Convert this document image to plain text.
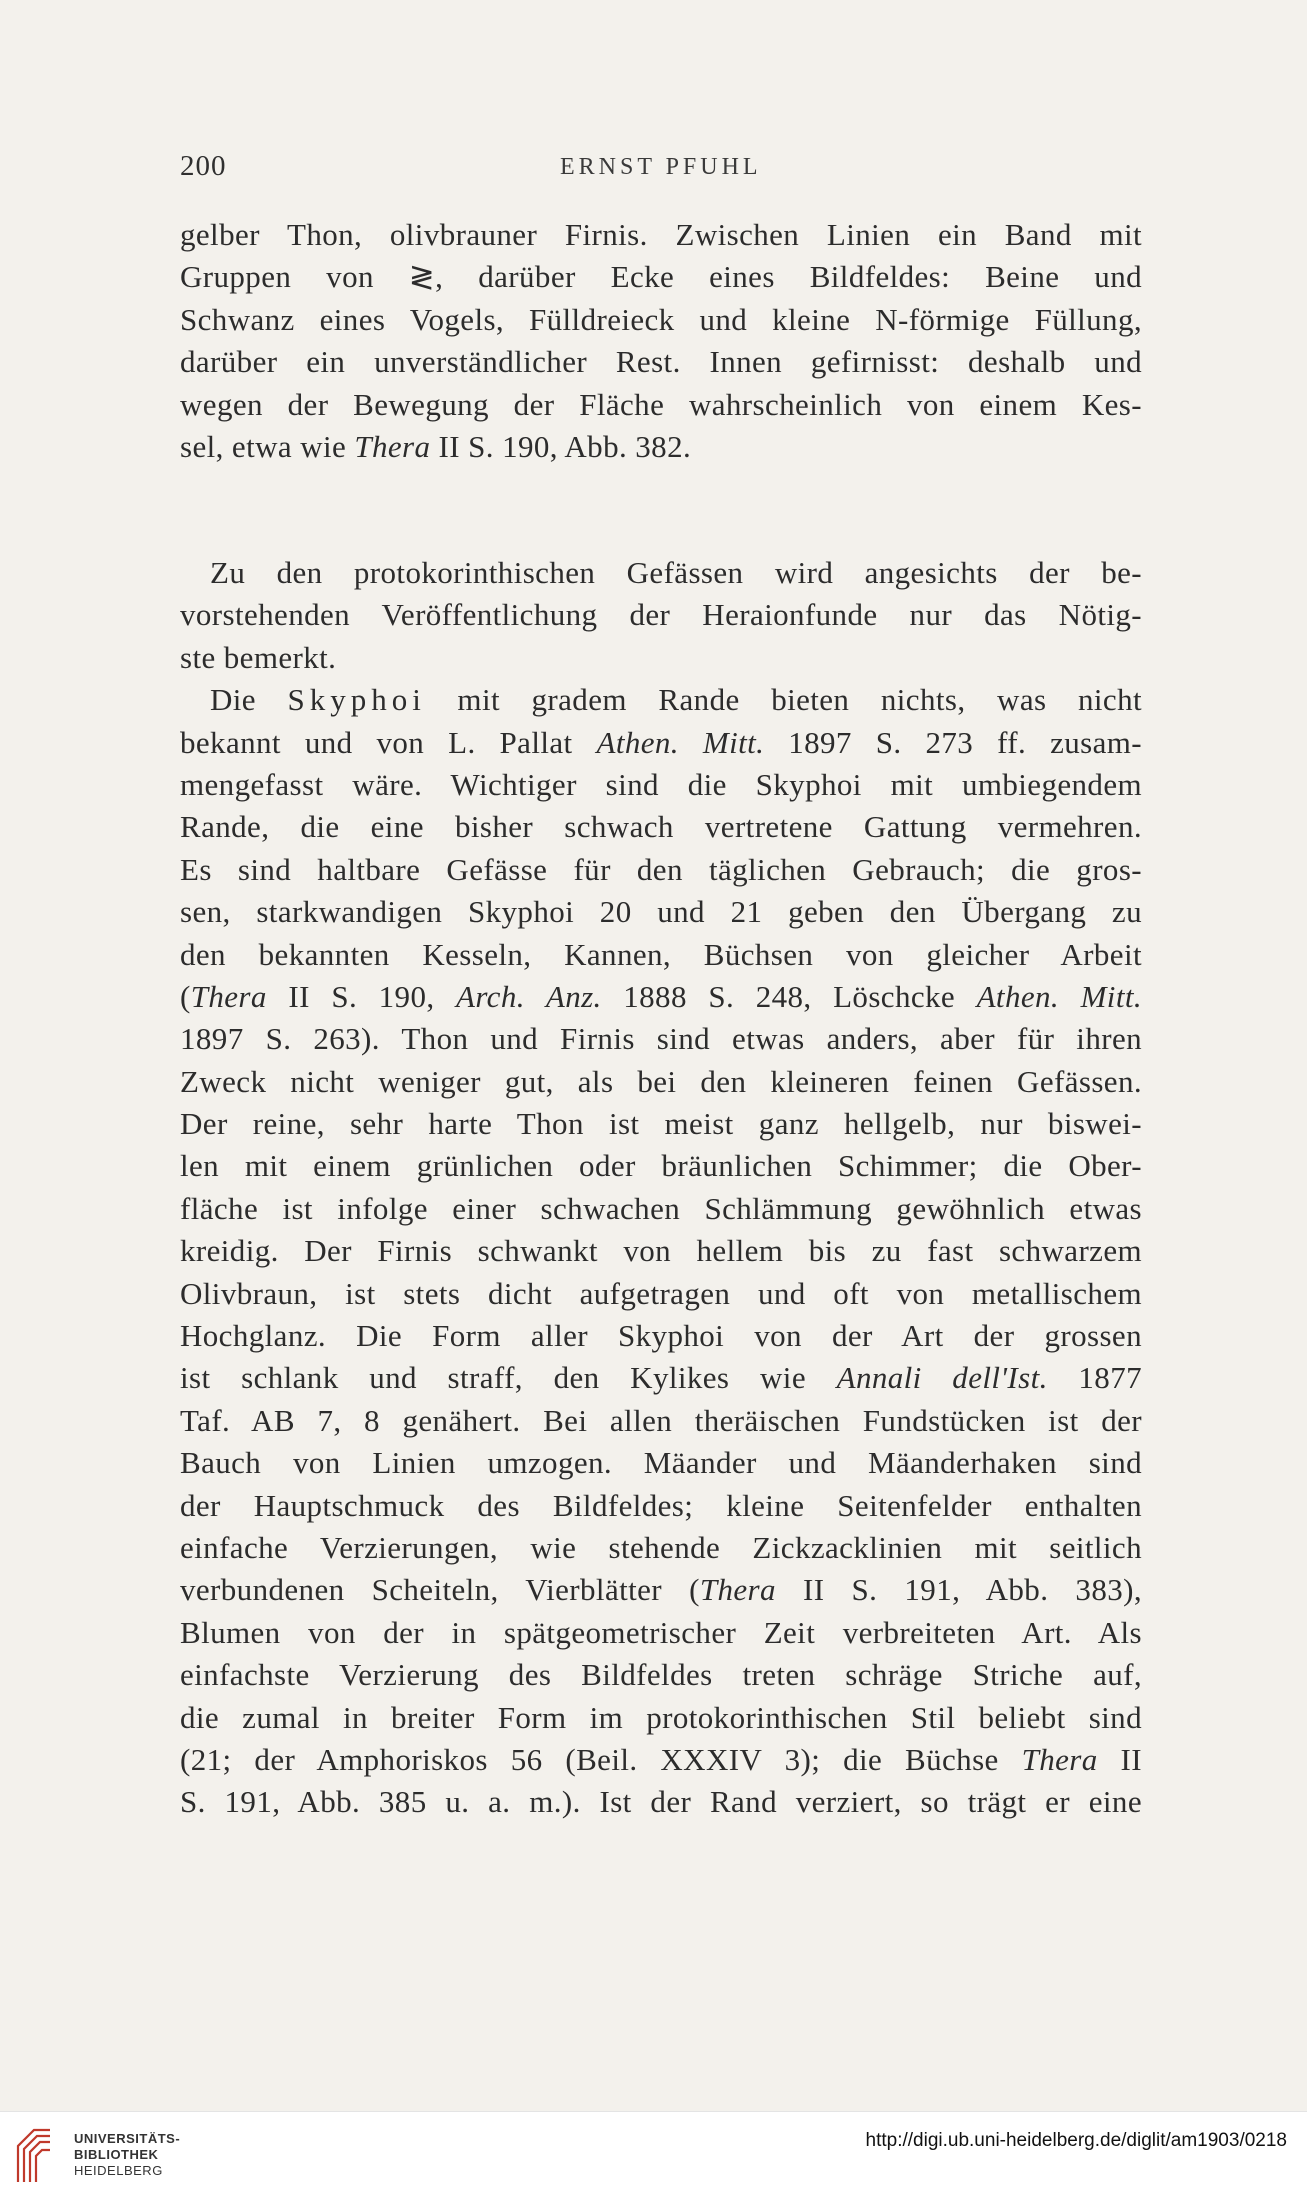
200	ERNST PFUHL
gelber Thon, olivbrauner Firnis. Zwischen Linien ein Band mit
Gruppen von ≷, darüber Ecke eines Bildfeldes: Beine und
Schwanz eines Vogels, Fülldreieck und kleine N-förmige Füllung,
darüber ein unverständlicher Rest. Innen gefirnisst: deshalb und
wegen der Bewegung der Fläche wahrscheinlich von einem Kes-
sel, etwa wie Thera II S. 190, Abb. 382.
Zu den protokorinthischen Gefässen wird angesichts der be-
vorstehenden Veröffentlichung der Heraionfunde nur das Nötig-
ste bemerkt.
Die Skyphoi mit gradem Rande bieten nichts, was nicht
bekannt und von L. Pallat Athen. Mitt. 1897 S. 273 ff. zusam-
mengefasst wäre. Wichtiger sind die Skyphoi mit umbiegendem
Rande, die eine bisher schwach vertretene Gattung vermehren.
Es sind haltbare Gefässe für den täglichen Gebrauch; die gros-
sen, starkwandigen Skyphoi 20 und 21 geben den Übergang zu
den bekannten Kesseln, Kannen, Büchsen von gleicher Arbeit
(Thera II S. 190, Arch. Anz. 1888 S. 248, Löschcke Athen. Mitt.
1897 S. 263). Thon und Firnis sind etwas anders, aber für ihren
Zweck nicht weniger gut, als bei den kleineren feinen Gefässen.
Der reine, sehr harte Thon ist meist ganz hellgelb, nur biswei-
len mit einem grünlichen oder bräunlichen Schimmer; die Ober-
fläche ist infolge einer schwachen Schlämmung gewöhnlich etwas
kreidig. Der Firnis schwankt von hellem bis zu fast schwarzem
Olivbraun, ist stets dicht aufgetragen und oft von metallischem
Hochglanz. Die Form aller Skyphoi von der Art der grossen
ist schlank und straff, den Kylikes wie Annali dell'Ist. 1877
Taf. AB 7, 8 genähert. Bei allen theräischen Fundstücken ist der
Bauch von Linien umzogen. Mäander und Mäanderhaken sind
der Hauptschmuck des Bildfeldes; kleine Seitenfelder enthalten
einfache Verzierungen, wie stehende Zickzacklinien mit seitlich
verbundenen Scheiteln, Vierblätter (Thera II S. 191, Abb. 383),
Blumen von der in spätgeometrischer Zeit verbreiteten Art. Als
einfachste Verzierung des Bildfeldes treten schräge Striche auf,
die zumal in breiter Form im protokorinthischen Stil beliebt sind
(21; der Amphoriskos 56 (Beil. XXXIV 3); die Büchse Thera II
S. 191, Abb. 385 u. a. m.). Ist der Rand verziert, so trägt er eine
UNIVERSITÄTS-
BIBLIOTHEK
HEIDELBERG
http://digi.ub.uni-heidelberg.de/diglit/am1903/0218
